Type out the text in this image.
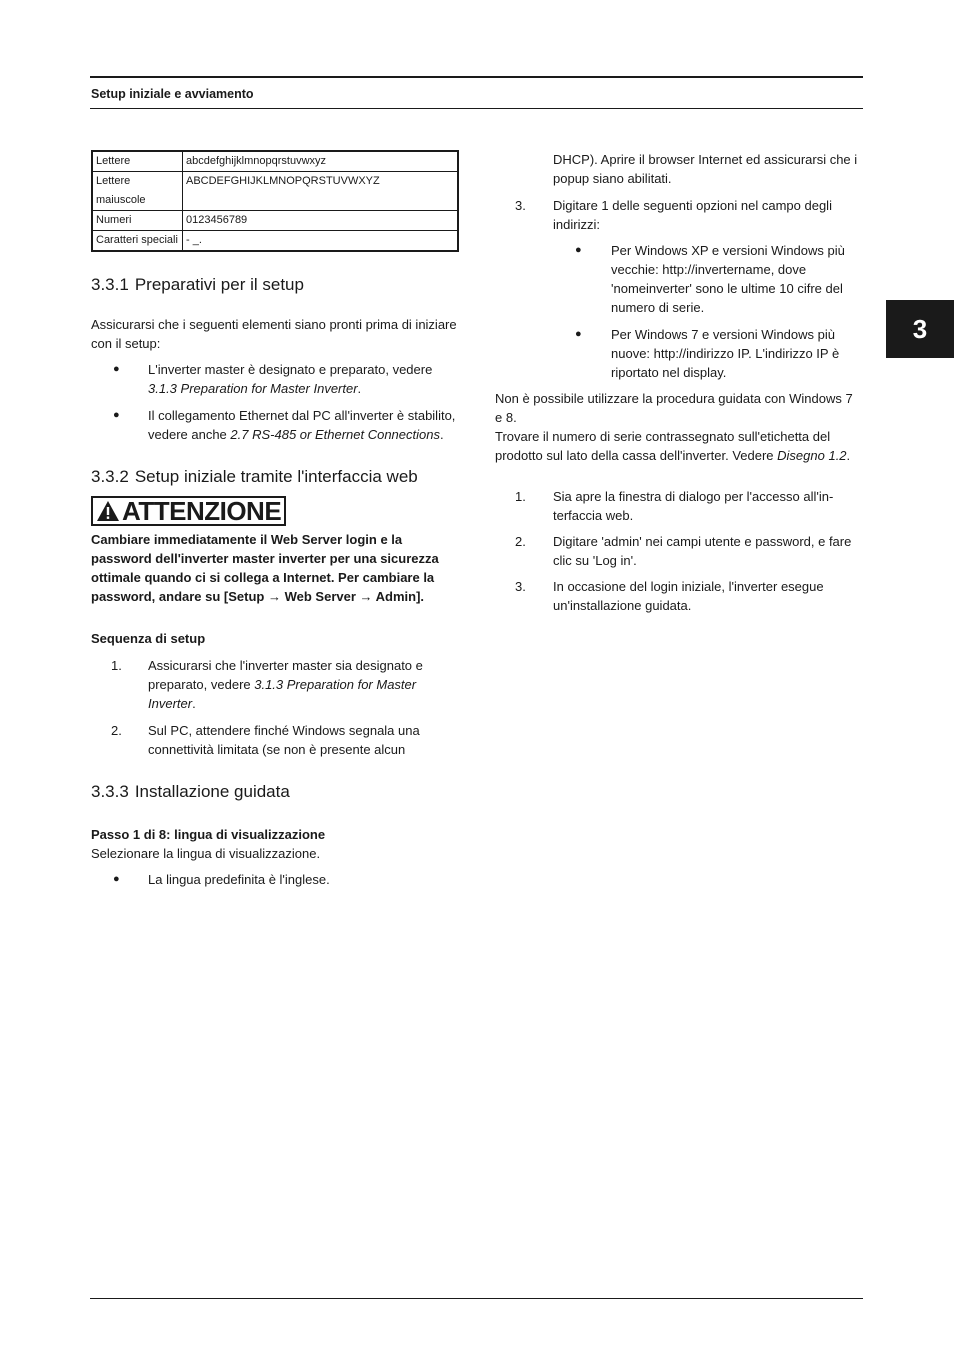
Setup iniziale e avviamento
3
Lettere	abcdefghijklmnopqrstuvwxyz
Lettere maiuscole	ABCDEFGHIJKLMNOPQRSTUVWXYZ
Numeri	0123456789
Caratteri speciali	- _.
3.3.1 Preparativi per il setup

Assicurarsi che i seguenti elementi siano pronti prima di iniziare con il setup:

● L'inverter master è designato e preparato, vedere 3.1.3 Preparation for Master Inverter.
● Il collegamento Ethernet dal PC all'inverter è stabilito, vedere anche 2.7 RS-485 or Ethernet Connections.
3.3.2 Setup iniziale tramite l'interfaccia web
ATTENZIONE

Cambiare immediatamente il Web Server login e la password dell'inverter master inverter per una sicurezza ottimale quando ci si collega a Internet. Per cambiare la password, andare su [Setup → Web Server → Admin].

Sequenza di setup

1. Assicurarsi che l'inverter master sia designato e preparato, vedere 3.1.3 Preparation for Master Inverter.
2. Sul PC, attendere finché Windows segnala una connettività limitata (se non è presente alcun
3.3.3 Installazione guidata

Passo 1 di 8: lingua di visualizzazione

Selezionare la lingua di visualizzazione.

● La lingua predefinita è l'inglese.
DHCP). Aprire il browser Internet ed assicurarsi che i popup siano abilitati.
3. Digitare 1 delle seguenti opzioni nel campo degli indirizzi:
● Per Windows XP e versioni Windows più vecchie: http://invertername, dove 'nomeinverter' sono le ultime 10 cifre del numero di serie.
● Per Windows 7 e versioni Windows più nuove: http://indirizzo IP. L'indirizzo IP è riportato nel display.

Non è possibile utilizzare la procedura guidata con Windows 7 e 8.

Trovare il numero di serie contrassegnato sull'etichetta del prodotto sul lato della cassa dell'inverter. Vedere Disegno 1.2.

1. Sia apre la finestra di dialogo per l'accesso all'in-terfaccia web.
2. Digitare 'admin' nei campi utente e password, e fare clic su 'Log in'.
3. In occasione del login iniziale, l'inverter esegue un'installazione guidata.
